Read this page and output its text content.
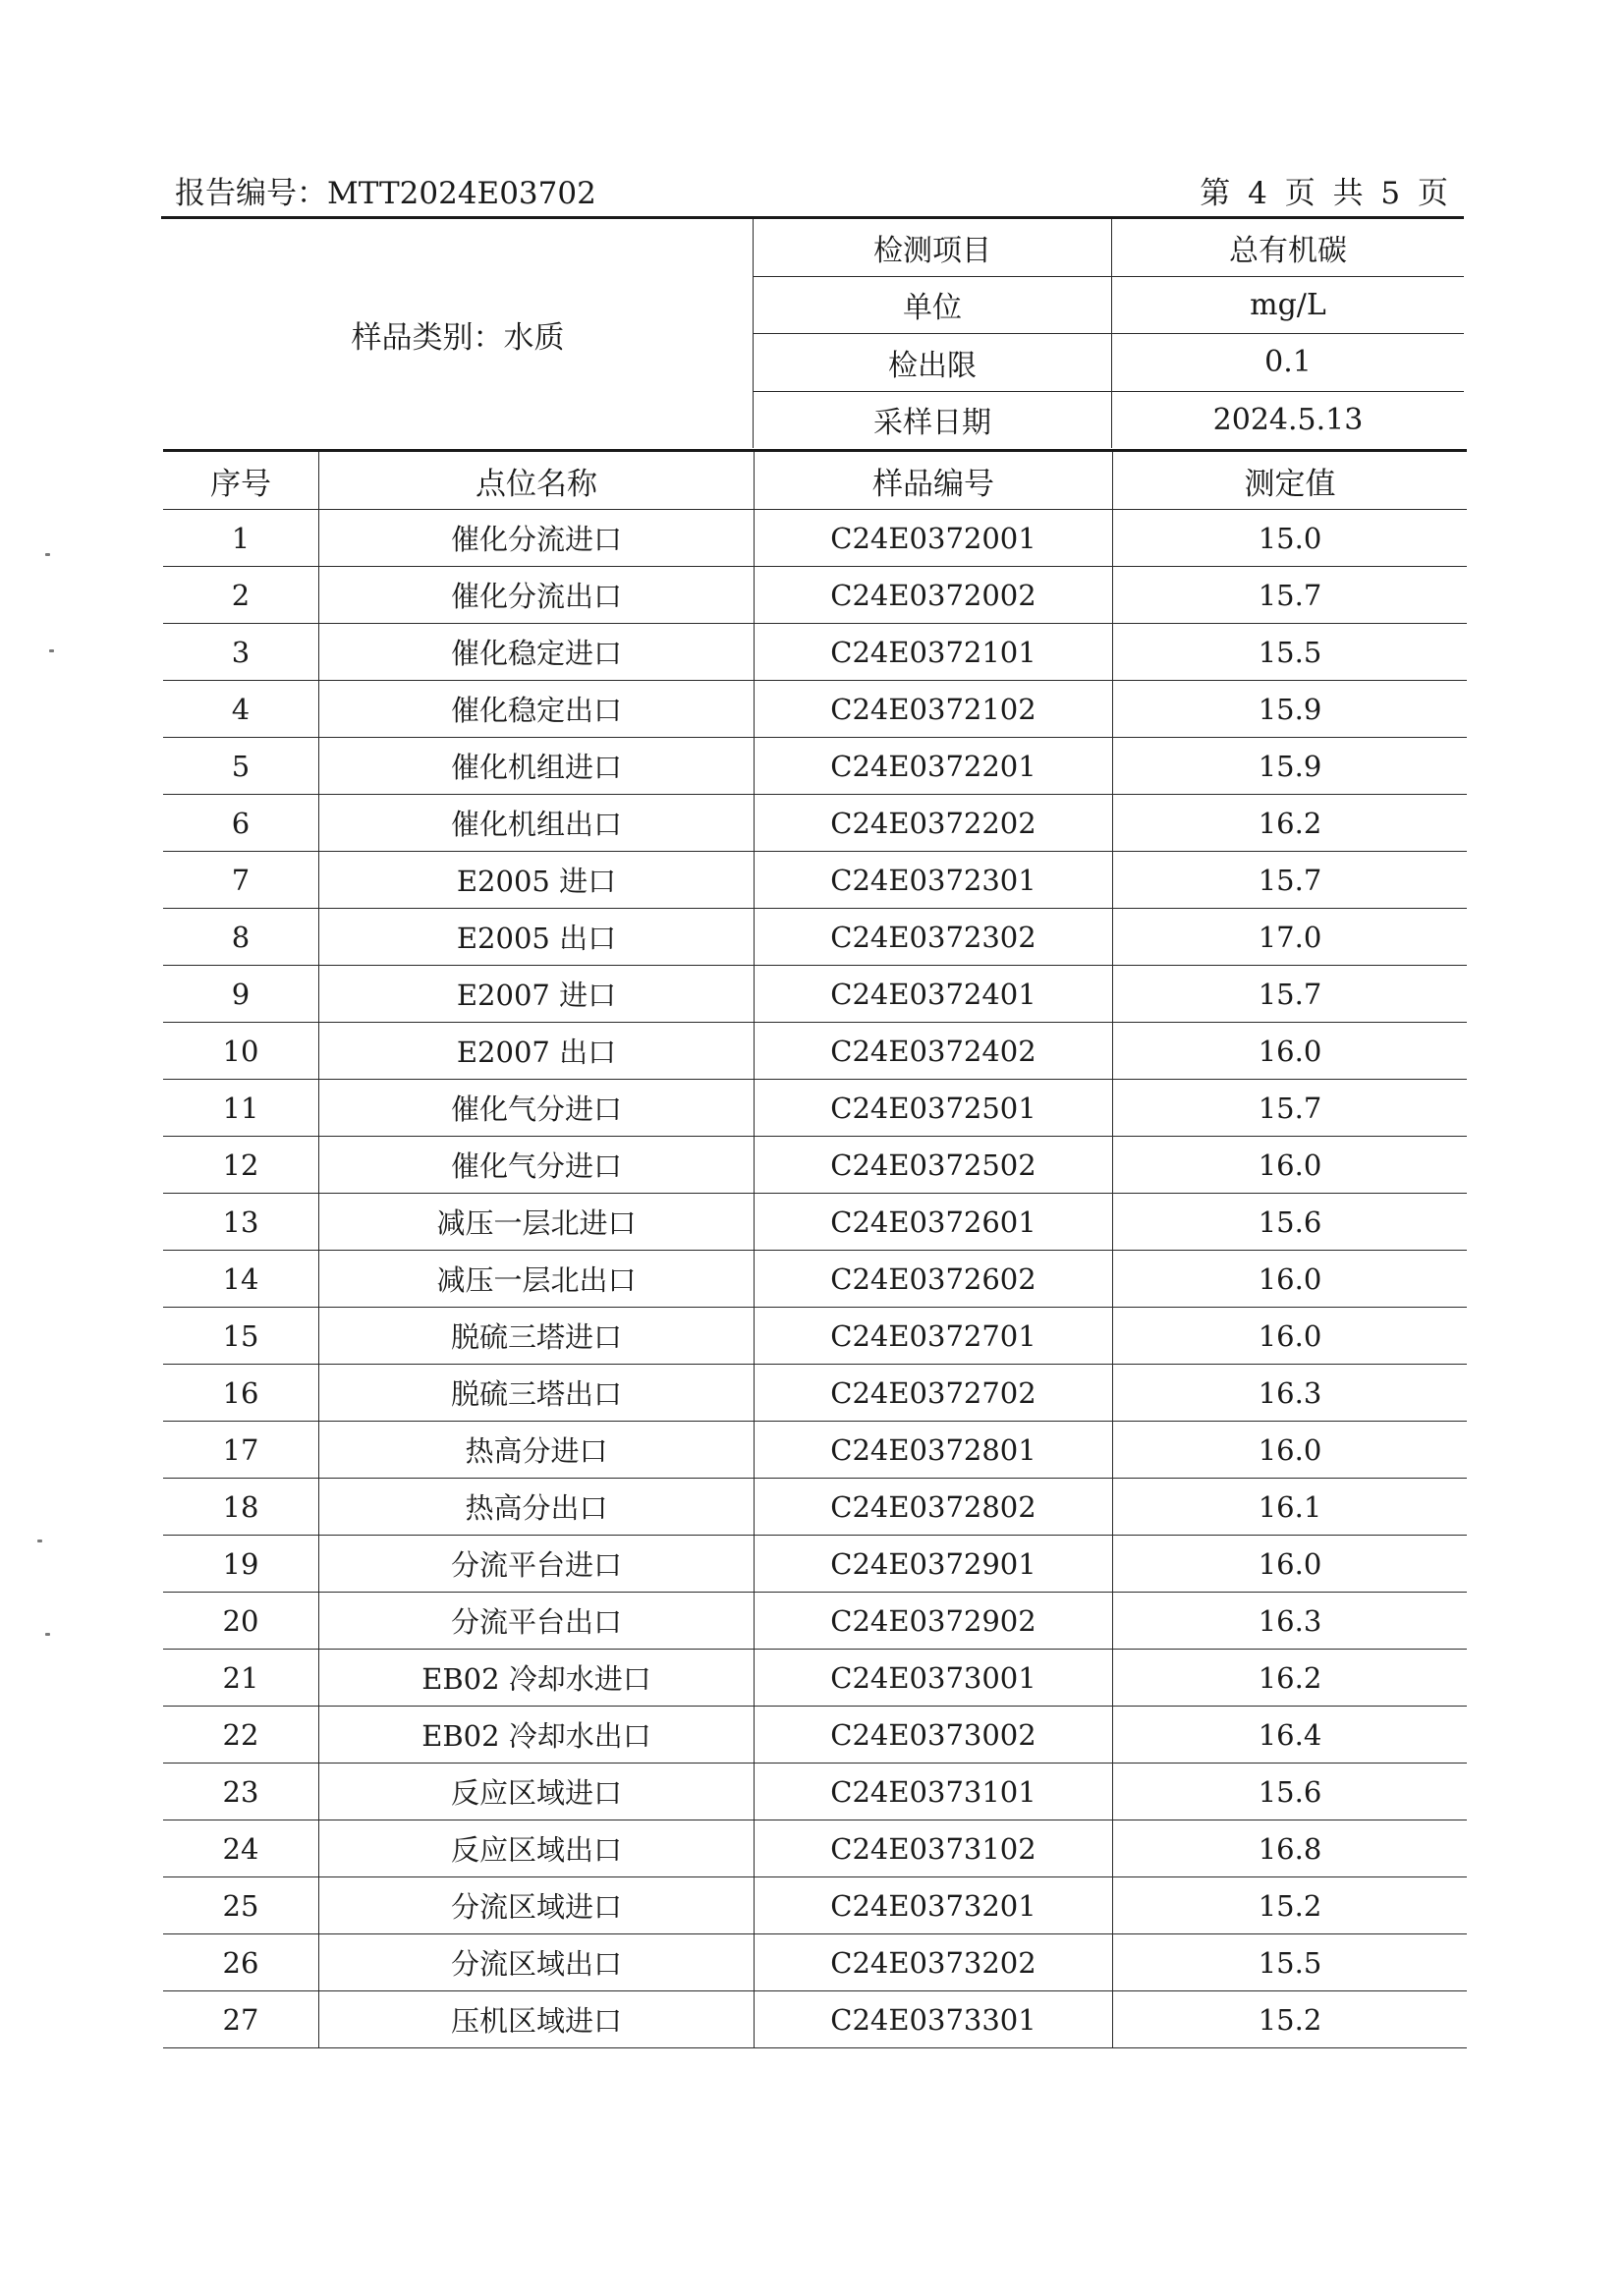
报告编号：MTT2024E03702	第 4 页 共 5 页
样品类别：水质
检测项目	总有机碳
单位	mg/L
检出限	0.1
采样日期	2024.5.13
序号	点位名称	样品编号	测定值
1	催化分流进口	C24E0372001	15.0
2	催化分流出口	C24E0372002	15.7
3	催化稳定进口	C24E0372101	15.5
4	催化稳定出口	C24E0372102	15.9
5	催化机组进口	C24E0372201	15.9
6	催化机组出口	C24E0372202	16.2
7	E2005 进口	C24E0372301	15.7
8	E2005 出口	C24E0372302	17.0
9	E2007 进口	C24E0372401	15.7
10	E2007 出口	C24E0372402	16.0
11	催化气分进口	C24E0372501	15.7
12	催化气分进口	C24E0372502	16.0
13	减压一层北进口	C24E0372601	15.6
14	减压一层北出口	C24E0372602	16.0
15	脱硫三塔进口	C24E0372701	16.0
16	脱硫三塔出口	C24E0372702	16.3
17	热高分进口	C24E0372801	16.0
18	热高分出口	C24E0372802	16.1
19	分流平台进口	C24E0372901	16.0
20	分流平台出口	C24E0372902	16.3
21	EB02 冷却水进口	C24E0373001	16.2
22	EB02 冷却水出口	C24E0373002	16.4
23	反应区域进口	C24E0373101	15.6
24	反应区域出口	C24E0373102	16.8
25	分流区域进口	C24E0373201	15.2
26	分流区域出口	C24E0373202	15.5
27	压机区域进口	C24E0373301	15.2
